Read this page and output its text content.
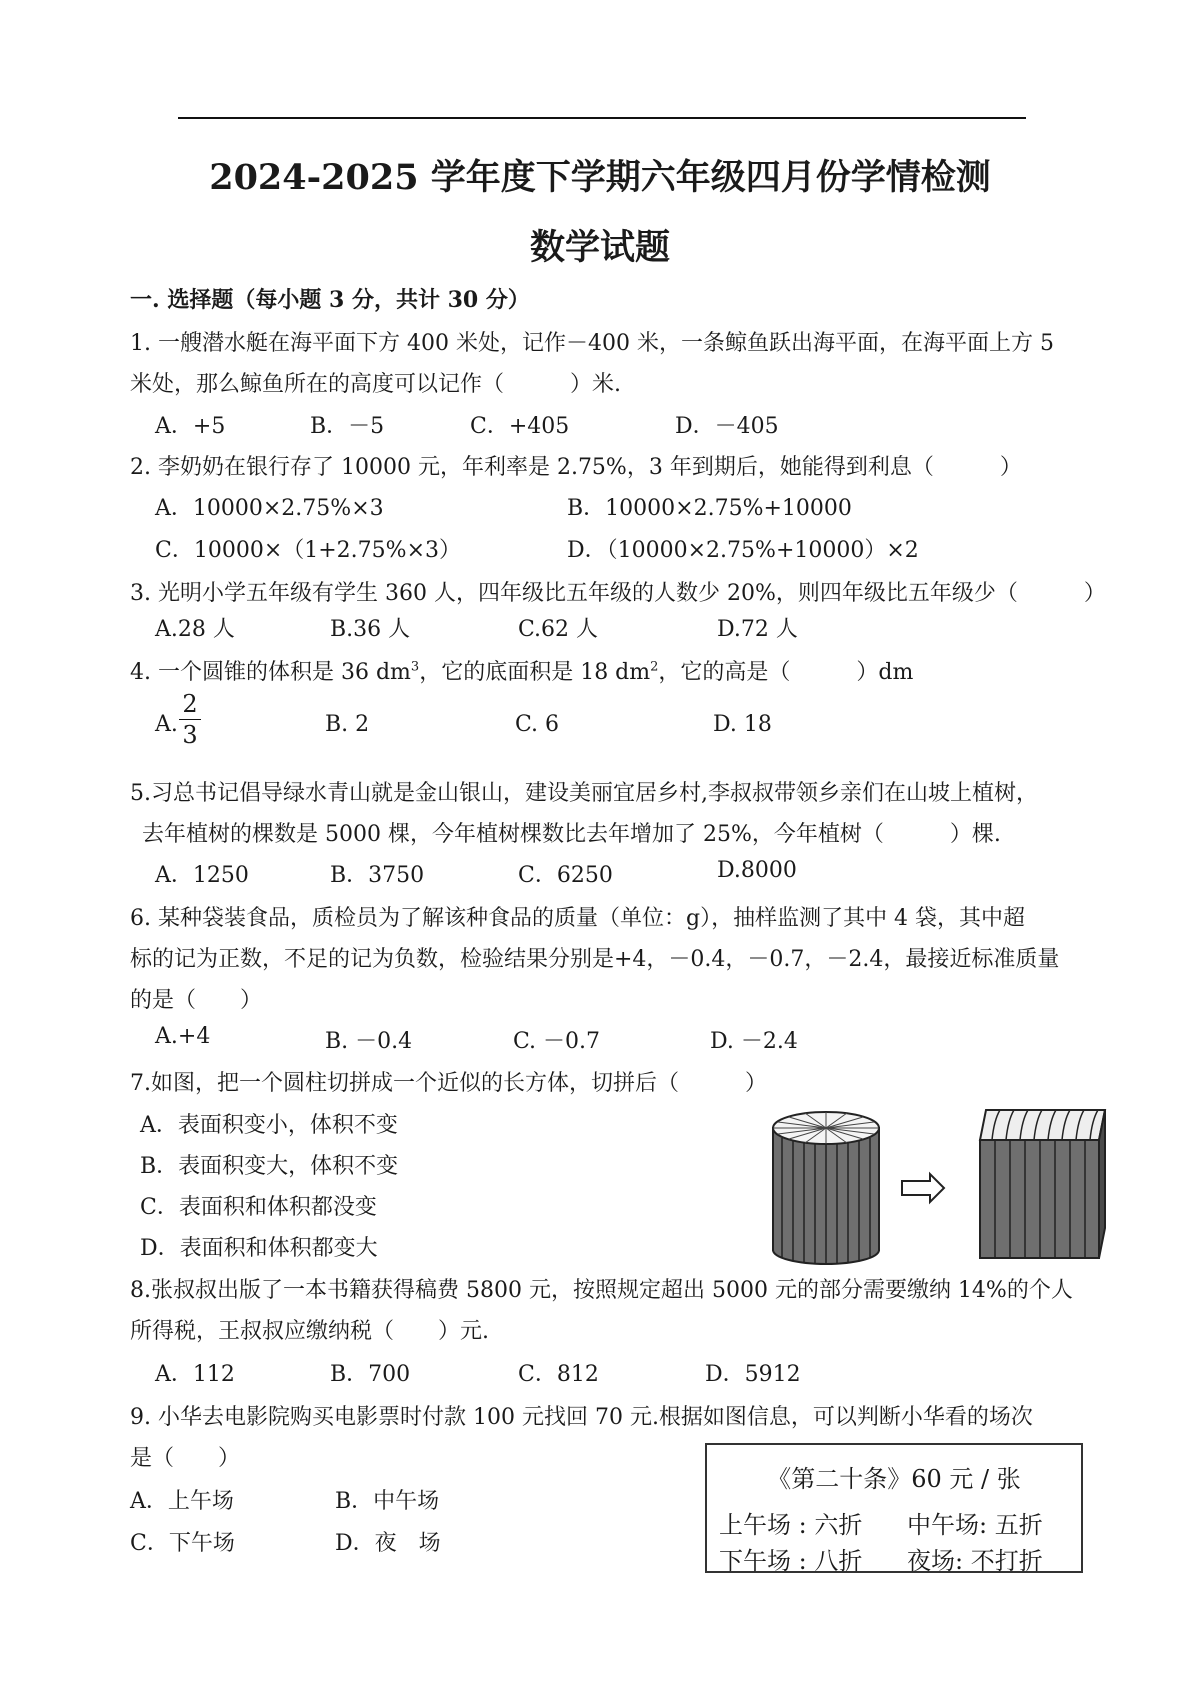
2024-2025 学年度下学期六年级四月份学情检测
数学试题
一. 选择题（每小题 3 分，共计 30 分）
1. 一艘潜水艇在海平面下方 400 米处，记作－400 米，一条鲸鱼跃出海平面，在海平面上方 5
米处，那么鲸鱼所在的高度可以记作（　　　）米.
A．+5	B．－5	C．+405	D．－405
2. 李奶奶在银行存了 10000 元，年利率是 2.75%，3 年到期后，她能得到利息（　　　）
A．10000×2.75%×3	B．10000×2.75%+10000
C．10000×（1+2.75%×3）	D．（10000×2.75%+10000）×2
3. 光明小学五年级有学生 360 人，四年级比五年级的人数少 20%，则四年级比五年级少（　　　）
A.28 人	B.36 人	C.62 人	D.72 人
4. 一个圆锥的体积是 36 $dm^3$，它的底面积是 18 $dm^2$，它的高是（　　　）dm
A. $\frac{2}{3}$	B. 2	C. 6	D. 18
5.习总书记倡导绿水青山就是金山银山，建设美丽宜居乡村,李叔叔带领乡亲们在山坡上植树，
去年植树的棵数是 5000 棵，今年植树棵数比去年增加了 25%，今年植树（　　　）棵.
A．1250	B．3750	C．6250	D.8000
6. 某种袋装食品，质检员为了解该种食品的质量（单位：g），抽样监测了其中 4 袋，其中超
标的记为正数，不足的记为负数，检验结果分别是+4，－0.4，－0.7，－2.4，最接近标准质量
的是（　　）
A.+4	B. －0.4	C. －0.7	D. －2.4
7.如图，把一个圆柱切拼成一个近似的长方体，切拼后（　　　）
A．表面积变小，体积不变
B．表面积变大，体积不变
C．表面积和体积都没变
D．表面积和体积都变大
8.张叔叔出版了一本书籍获得稿费 5800 元，按照规定超出 5000 元的部分需要缴纳 14%的个人
所得税，王叔叔应缴纳税（　　）元.
A．112	B．700	C．812	D．5912
9. 小华去电影院购买电影票时付款 100 元找回 70 元.根据如图信息，可以判断小华看的场次
是（　　）
A．上午场	B．中午场
C．下午场	D．夜　场
《第二十条》60 元 / 张
上午场 : 六折 中午场: 五折
下午场 : 八折 夜场: 不打折
